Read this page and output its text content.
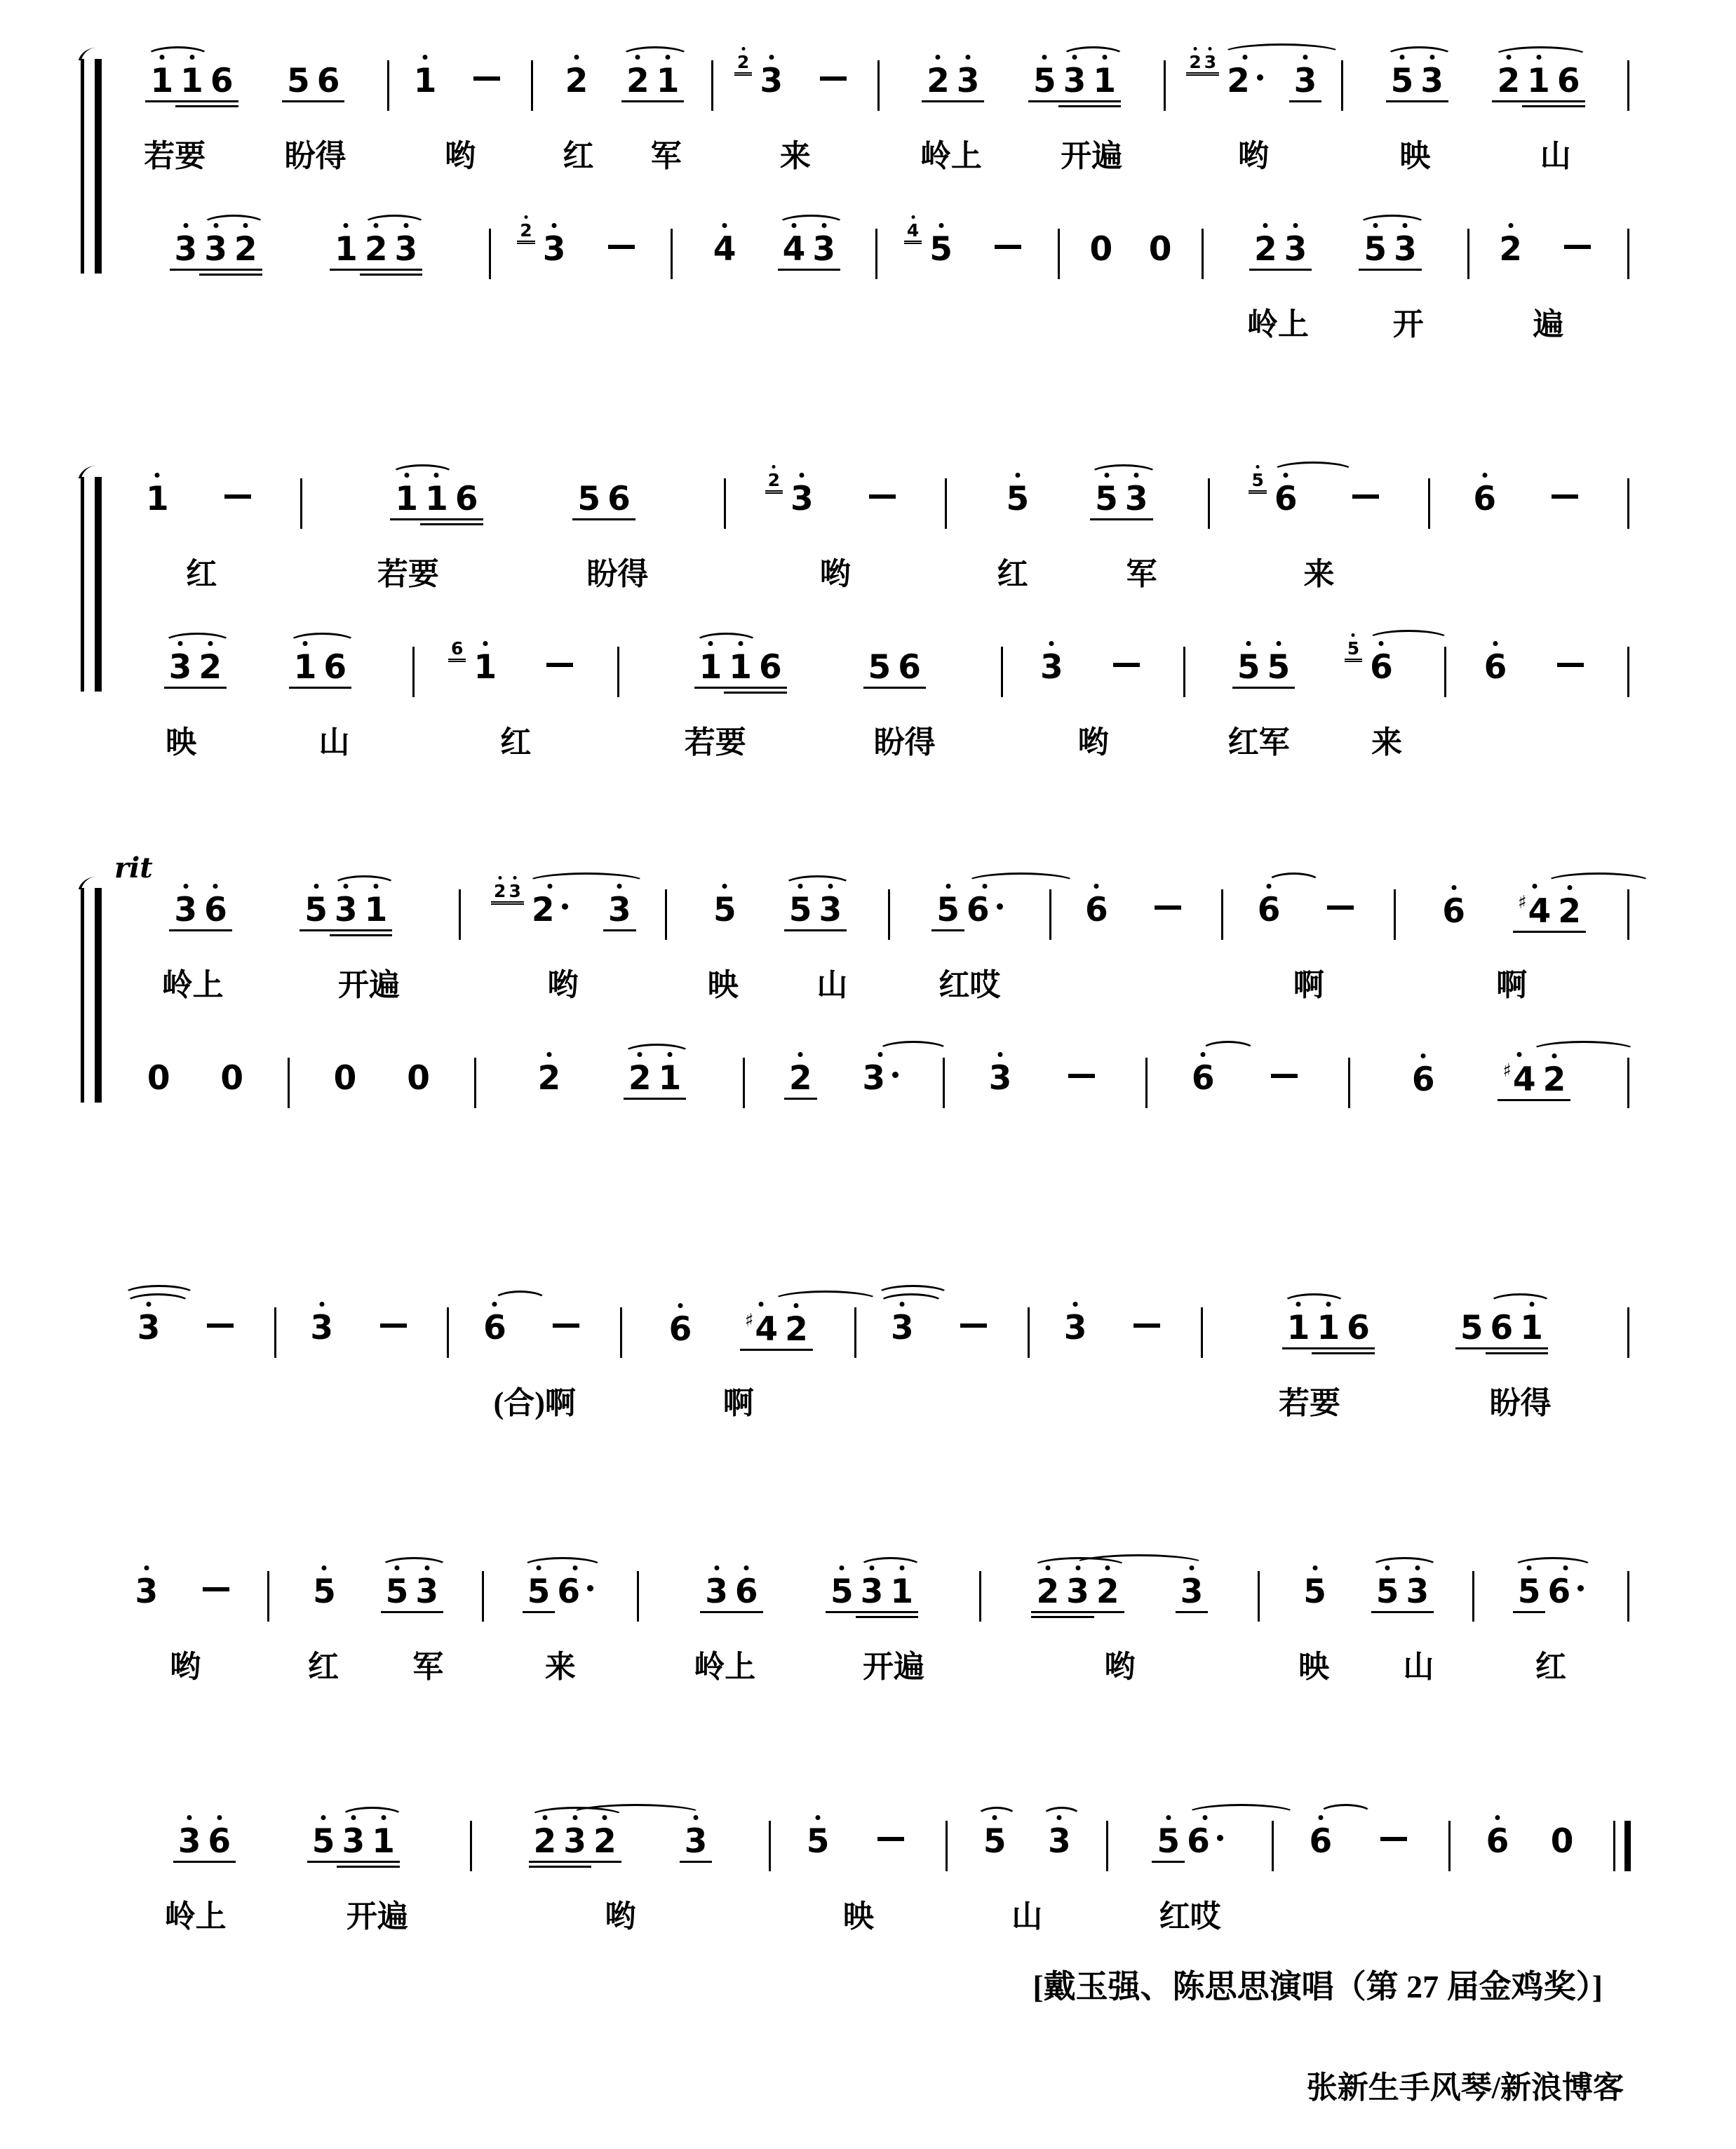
1 1 6 5 6
若要	盼得
1
哟
2 2 1
红 军
2 3
来
2 3 5 3 1
岭上	开遍
2 3 2	3
哟
5 3 2 1 6
映	山
3 3 2 1 2 3	2 3	4 4 3	4 5	0 0	2 3 5 3
岭上	开
2
遍
1
红
1 1 6	5 6
若要	盼得
2 3
哟
5 5 3
红	军
5 6
来
6
3 2 1 6
映	山
6 1
红
1 1 6	5 6
若要	盼得
3
哟
5 5	5 6
红军	来
6
rit
3 6 5 3 1
岭上	开遍
2 3 2	3
哟
5 5 3
映	山
5 6
红哎
6	6
啊
6	♯4 2
啊
0 0	0 0	2 2 1	2 3	3	6	6	♯4 2
3	3	6
(合)啊
6	♯4 2
啊
3	3	1 1 6	5 6 1
若要	盼得
3
哟
5 5 3
红 军
5 6
来
3 6 5 3 1
岭上	开遍
2 3 2 3
哟
5 5 3
映 山
5 6
红
3 6 5 3 1
岭上	开遍
2 3 2 3
哟
5
映
5 3
山
5 6
红哎
6	6 0
[戴玉强、陈思思演唱（第 27 届金鸡奖）]
张新生手风琴/新浪博客
